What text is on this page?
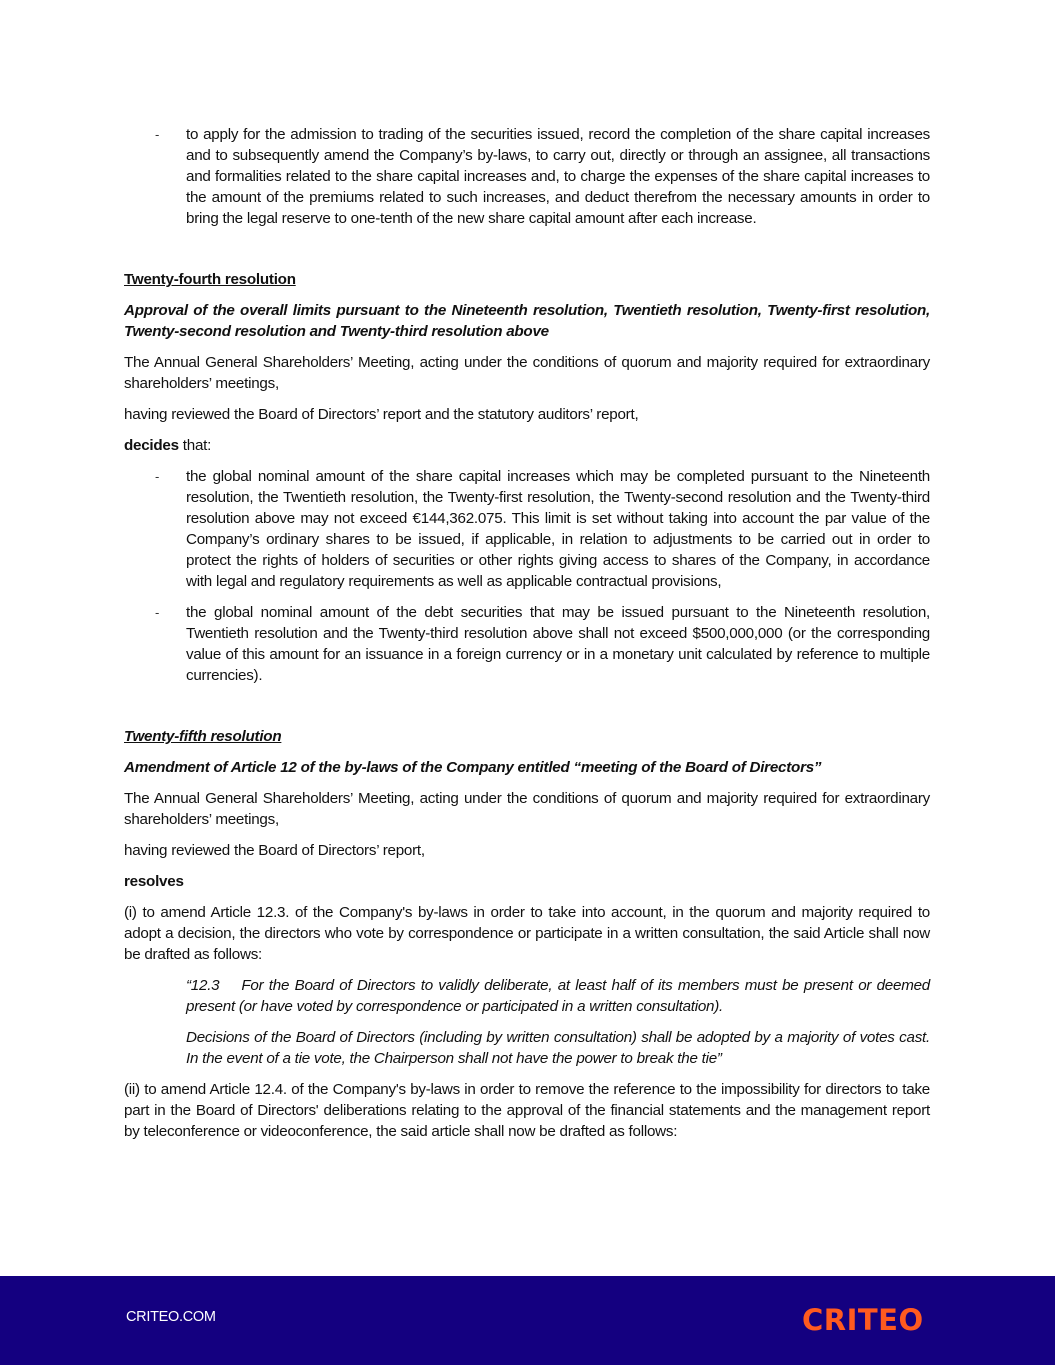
- to apply for the admission to trading of the securities issued, record the completion of the share capital increases and to subsequently amend the Company’s by-laws, to carry out, directly or through an assignee, all transactions and formalities related to the share capital increases and, to charge the expenses of the share capital increases to the amount of the premiums related to such increases, and deduct therefrom the necessary amounts in order to bring the legal reserve to one-tenth of the new share capital amount after each increase.

Twenty-fourth resolution

Approval of the overall limits pursuant to the Nineteenth resolution, Twentieth resolution, Twenty-first resolution, Twenty-second resolution and Twenty-third resolution above

The Annual General Shareholders’ Meeting, acting under the conditions of quorum and majority required for extraordinary shareholders’ meetings,

having reviewed the Board of Directors’ report and the statutory auditors’ report,

decides that:

- the global nominal amount of the share capital increases which may be completed pursuant to the Nineteenth resolution, the Twentieth resolution, the Twenty-first resolution, the Twenty-second resolution and the Twenty-third resolution above may not exceed €144,362.075. This limit is set without taking into account the par value of the Company’s ordinary shares to be issued, if applicable, in relation to adjustments to be carried out in order to protect the rights of holders of securities or other rights giving access to shares of the Company, in accordance with legal and regulatory requirements as well as applicable contractual provisions,
- the global nominal amount of the debt securities that may be issued pursuant to the Nineteenth resolution, Twentieth resolution and the Twenty-third resolution above shall not exceed $500,000,000 (or the corresponding value of this amount for an issuance in a foreign currency or in a monetary unit calculated by reference to multiple currencies).

Twenty-fifth resolution

Amendment of Article 12 of the by-laws of the Company entitled “meeting of the Board of Directors”

The Annual General Shareholders’ Meeting, acting under the conditions of quorum and majority required for extraordinary shareholders’ meetings,

having reviewed the Board of Directors’ report,

resolves

(i) to amend Article 12.3. of the Company's by-laws in order to take into account, in the quorum and majority required to adopt a decision, the directors who vote by correspondence or participate in a written consultation, the said Article shall now be drafted as follows:

“12.3 For the Board of Directors to validly deliberate, at least half of its members must be present or deemed present (or have voted by correspondence or participated in a written consultation).

Decisions of the Board of Directors (including by written consultation) shall be adopted by a majority of votes cast. In the event of a tie vote, the Chairperson shall not have the power to break the tie”

(ii) to amend Article 12.4. of the Company's by-laws in order to remove the reference to the impossibility for directors to take part in the Board of Directors' deliberations relating to the approval of the financial statements and the management report by teleconference or videoconference, the said article shall now be drafted as follows:

CRITEO.COM	CRITEO
